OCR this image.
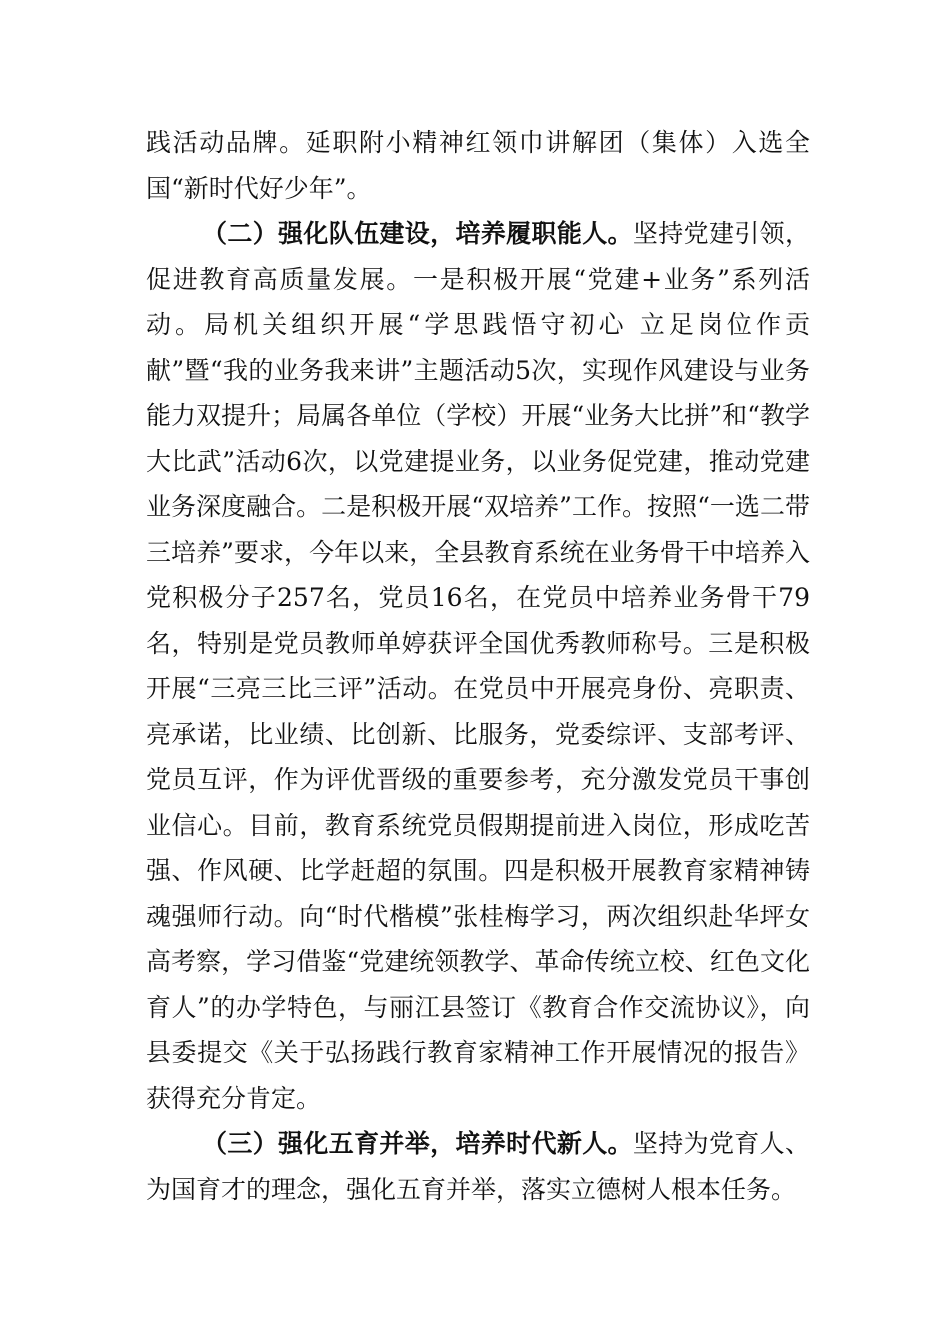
践活动品牌。延职附小精神红领巾讲解团（集体）入选全国“新时代好少年”。

（二）强化队伍建设，培养履职能人。坚持党建引领，促进教育高质量发展。一是积极开展“党建+业务”系列活动。局机关组织开展“学思践悟守初心 立足岗位作贡献”暨“我的业务我来讲”主题活动5次，实现作风建设与业务能力双提升；局属各单位（学校）开展“业务大比拼”和“教学大比武”活动6次，以党建提业务，以业务促党建，推动党建业务深度融合。二是积极开展“双培养”工作。按照“一选二带三培养”要求，今年以来，全县教育系统在业务骨干中培养入党积极分子257名，党员16名，在党员中培养业务骨干79名，特别是党员教师单婷获评全国优秀教师称号。三是积极开展“三亮三比三评”活动。在党员中开展亮身份、亮职责、亮承诺，比业绩、比创新、比服务，党委综评、支部考评、党员互评，作为评优晋级的重要参考，充分激发党员干事创业信心。目前，教育系统党员假期提前进入岗位，形成吃苦强、作风硬、比学赶超的氛围。四是积极开展教育家精神铸魂强师行动。向“时代楷模”张桂梅学习，两次组织赴华坪女高考察，学习借鉴“党建统领教学、革命传统立校、红色文化育人”的办学特色，与丽江县签订《教育合作交流协议》，向县委提交《关于弘扬践行教育家精神工作开展情况的报告》获得充分肯定。

（三）强化五育并举，培养时代新人。坚持为党育人、为国育才的理念，强化五育并举，落实立德树人根本任务。
